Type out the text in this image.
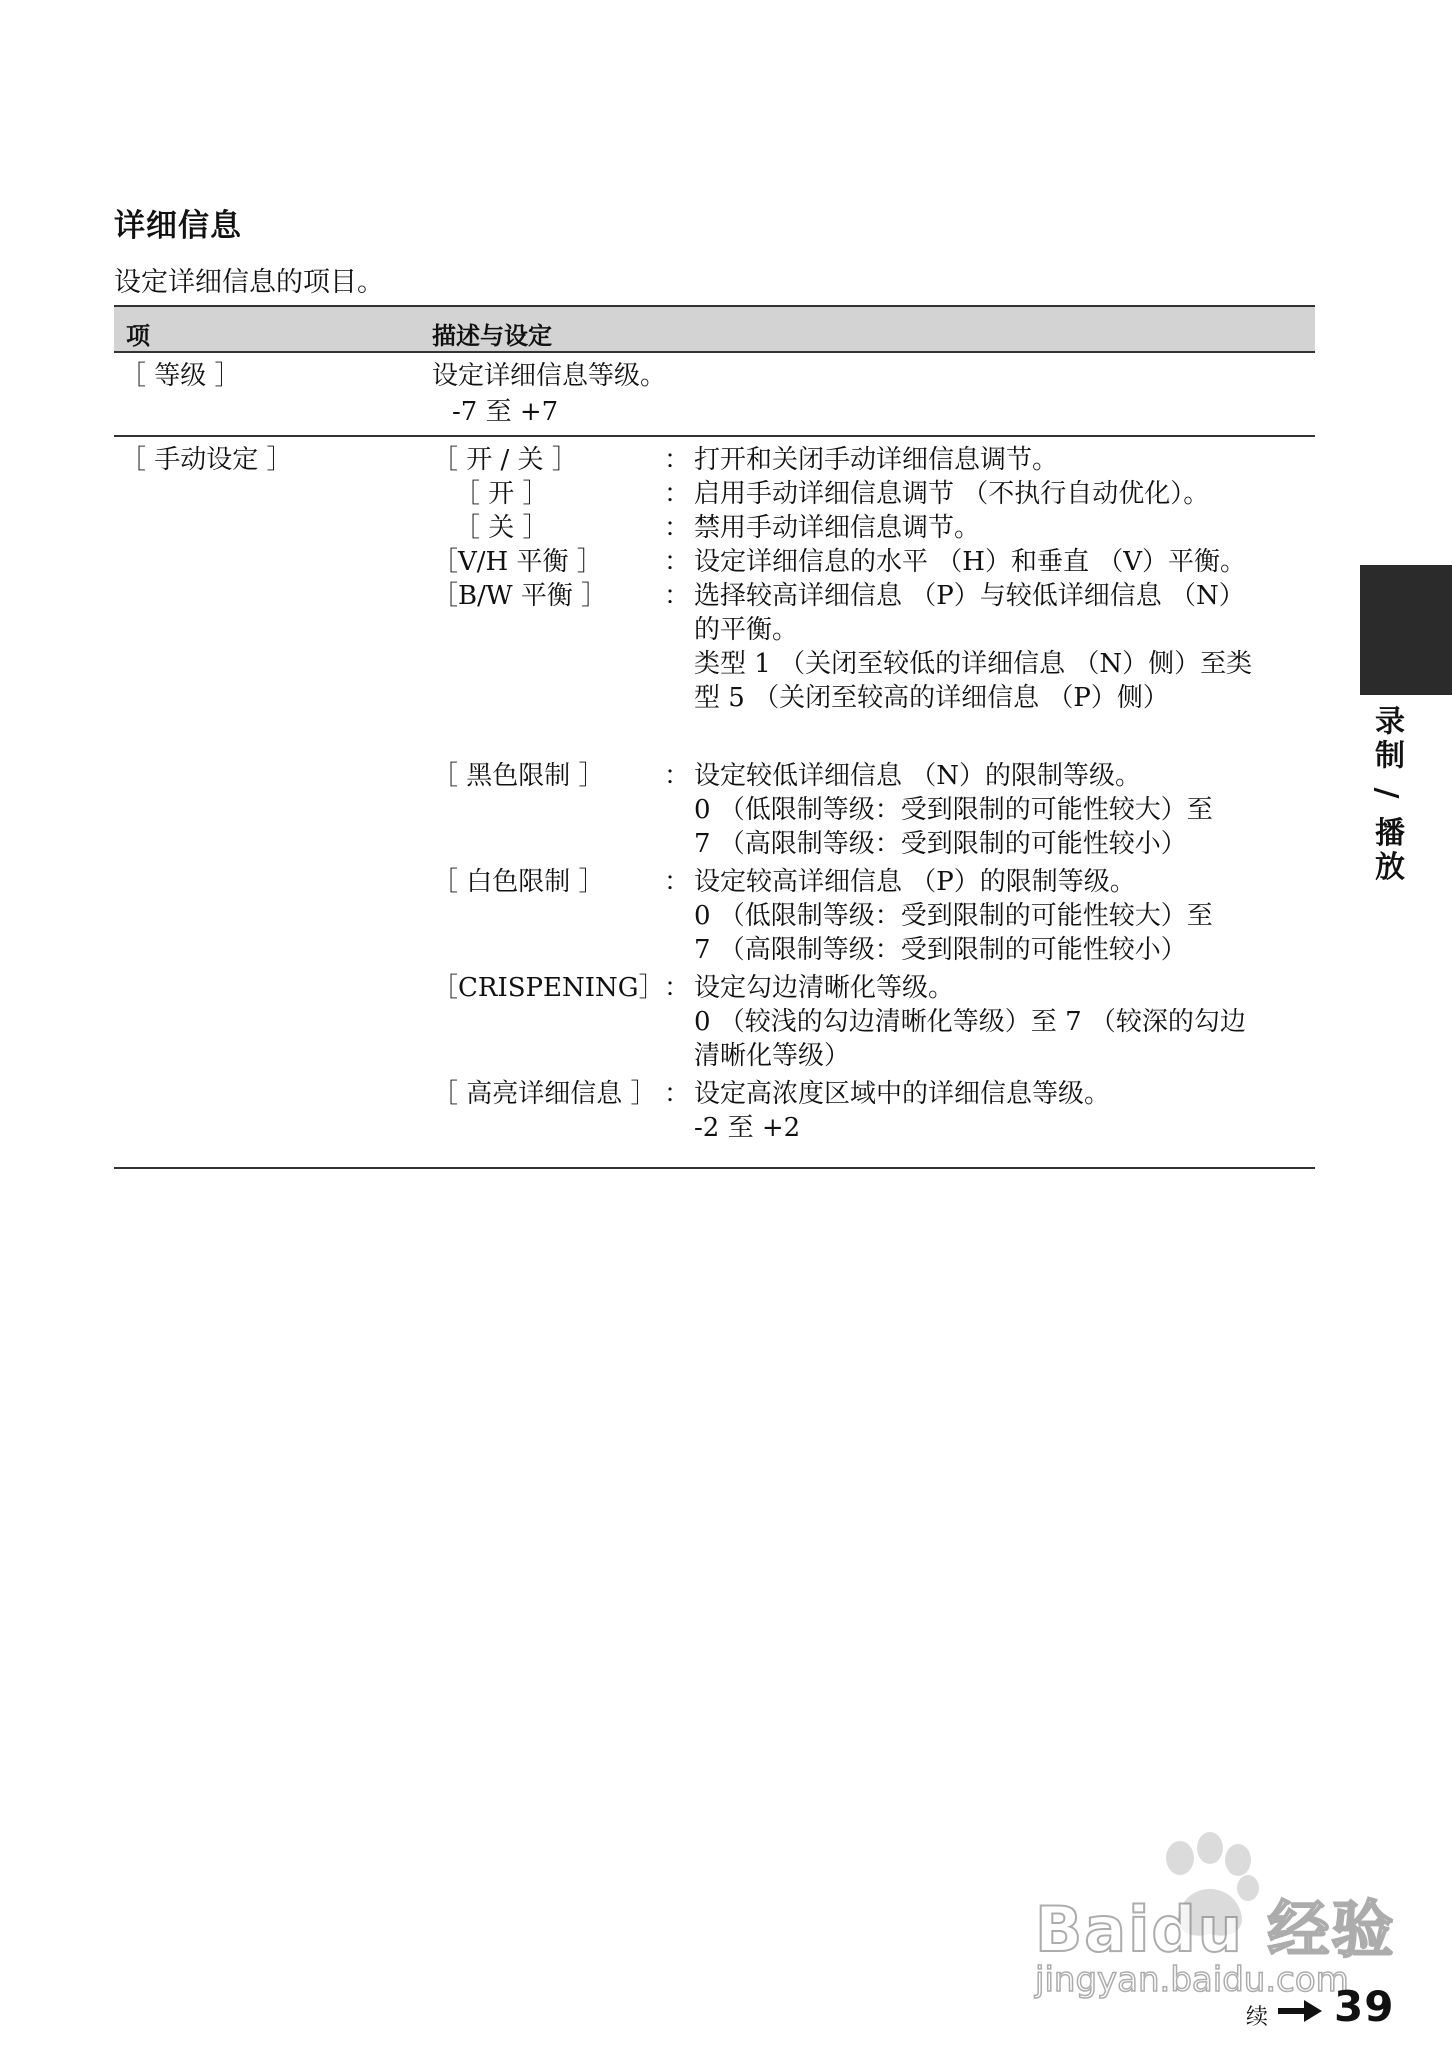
详细信息
设定详细信息的项目。
项	描述与设定
［ 等级 ］	设定详细信息等级。
-7 至 +7
［ 手动设定 ］	［ 开 / 关 ］	： 打开和关闭手动详细信息调节。
［ 开 ］	： 启用手动详细信息调节 （不执行自动优化）。
［ 关 ］	： 禁用手动详细信息调节。
［V/H 平衡 ］ ： 设定详细信息的水平 （H）和垂直 （V）平衡。
［B/W 平衡 ］ ： 选择较高详细信息 （P）与较低详细信息 （N）
的平衡。
类型 1 （关闭至较低的详细信息 （N）侧）至类
型 5 （关闭至较高的详细信息 （P）侧）
［ 黑色限制 ］ ： 设定较低详细信息 （N）的限制等级。
0 （低限制等级：受到限制的可能性较大）至
7 （高限制等级：受到限制的可能性较小）
［ 白色限制 ］ ： 设定较高详细信息 （P）的限制等级。
0 （低限制等级：受到限制的可能性较大）至
7 （高限制等级：受到限制的可能性较小）
［CRISPENING］ ： 设定勾边清晰化等级。
0 （较浅的勾边清晰化等级）至 7 （较深的勾边
清晰化等级）
［ 高亮详细信息 ］ ： 设定高浓度区域中的详细信息等级。
-2 至 +2
录制 / 播放
Baidu 经验
jingyan.baidu.com
续 39
